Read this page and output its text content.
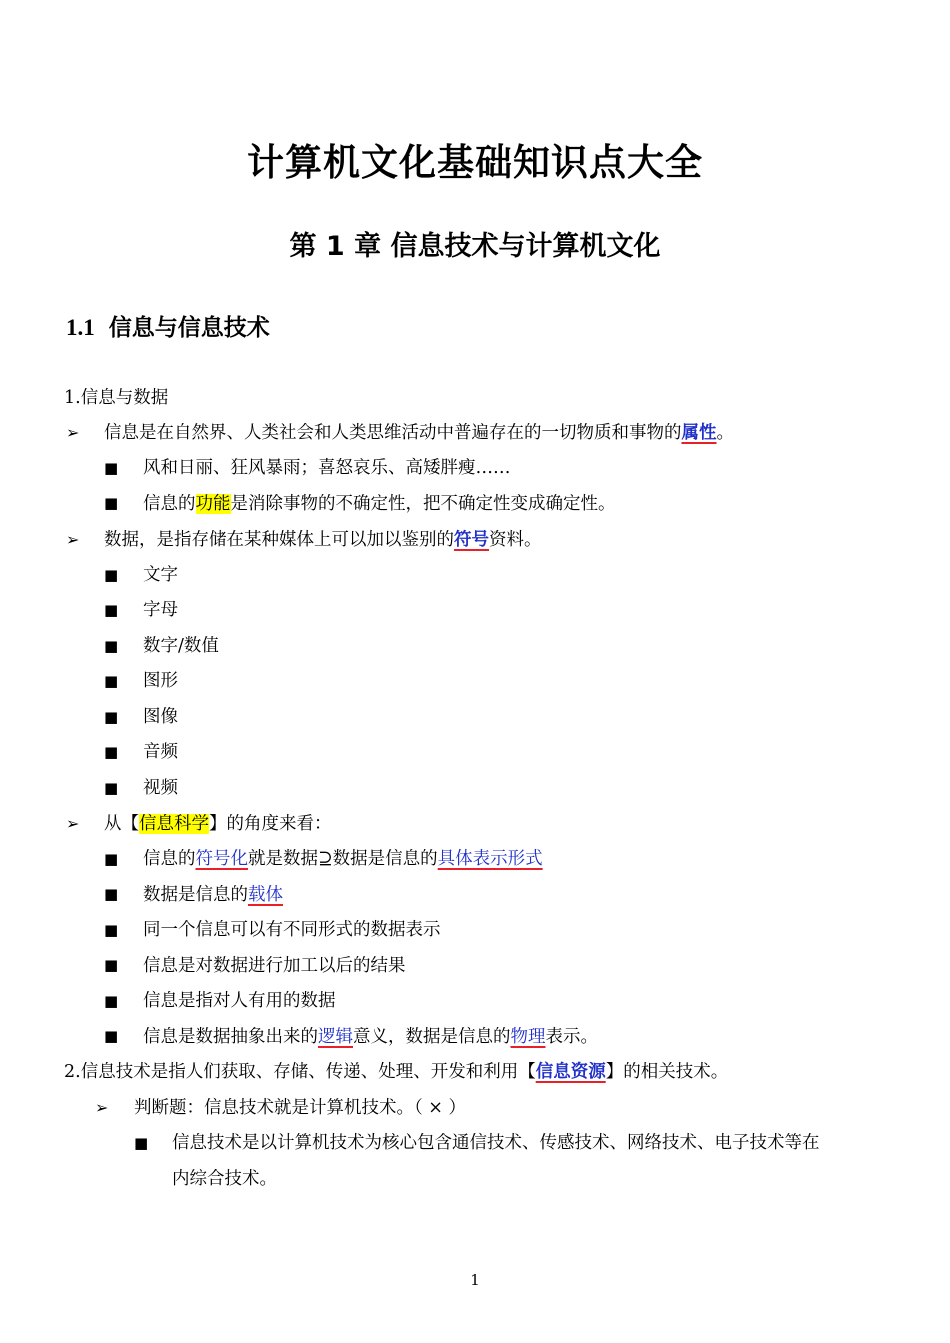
计算机文化基础知识点大全
第 1 章 信息技术与计算机文化
1.1 信息与信息技术
1.信息与数据
➢ 信息是在自然界、人类社会和人类思维活动中普遍存在的一切物质和事物的属性。
■ 风和日丽、狂风暴雨；喜怒哀乐、高矮胖瘦……
■ 信息的功能是消除事物的不确定性，把不确定性变成确定性。
➢ 数据，是指存储在某种媒体上可以加以鉴别的符号资料。
■ 文字
■ 字母
■ 数字/数值
■ 图形
■ 图像
■ 音频
■ 视频
➢ 从【信息科学】的角度来看：
■ 信息的符号化就是数据⊇数据是信息的具体表示形式
■ 数据是信息的载体
■ 同一个信息可以有不同形式的数据表示
■ 信息是对数据进行加工以后的结果
■ 信息是指对人有用的数据
■ 信息是数据抽象出来的逻辑意义，数据是信息的物理表示。
2.信息技术是指人们获取、存储、传递、处理、开发和利用【信息资源】的相关技术。
➢ 判断题：信息技术就是计算机技术。（ × ）
■ 信息技术是以计算机技术为核心包含通信技术、传感技术、网络技术、电子技术等在
内综合技术。
1
